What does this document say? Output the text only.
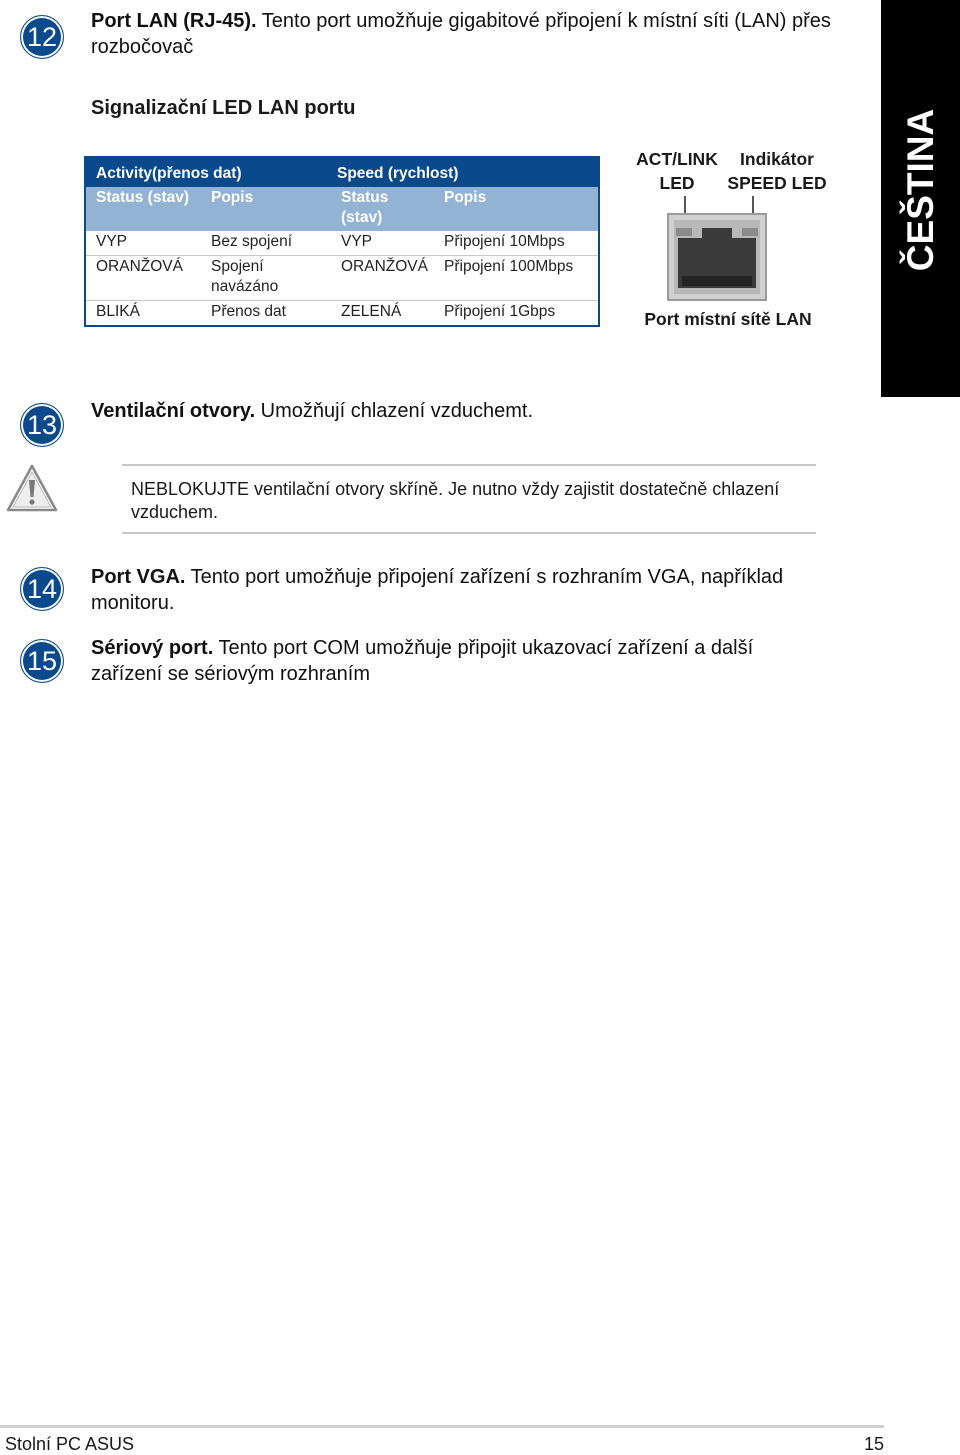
12
Port LAN (RJ-45). Tento port umožňuje gigabitové připojení k místní síti (LAN) přes rozbočovač
Signalizační LED LAN portu
Activity(přenos dat)		Speed (rychlost)	
Status (stav)	Popis	Status (stav)	Popis
VYP	Bez spojení	VYP	Připojení 10Mbps
ORANŽOVÁ	Spojení navázáno	ORANŽOVÁ	Připojení 100Mbps
BLIKÁ	Přenos dat	ZELENÁ	Připojení 1Gbps
ACT/LINK LED
Indikátor SPEED LED
Port místní sítě LAN
ČEŠTINA
13	Ventilační otvory. Umožňují chlazení vzduchemt.
NEBLOKUJTE ventilační otvory skříně. Je nutno vždy zajistit dostatečně chlazení vzduchem.
14	Port VGA. Tento port umožňuje připojení zařízení s rozhraním VGA, například monitoru.
15	Sériový port. Tento port COM umožňuje připojit ukazovací zařízení a další zařízení se sériovým rozhraním
Stolní PC ASUS	15
